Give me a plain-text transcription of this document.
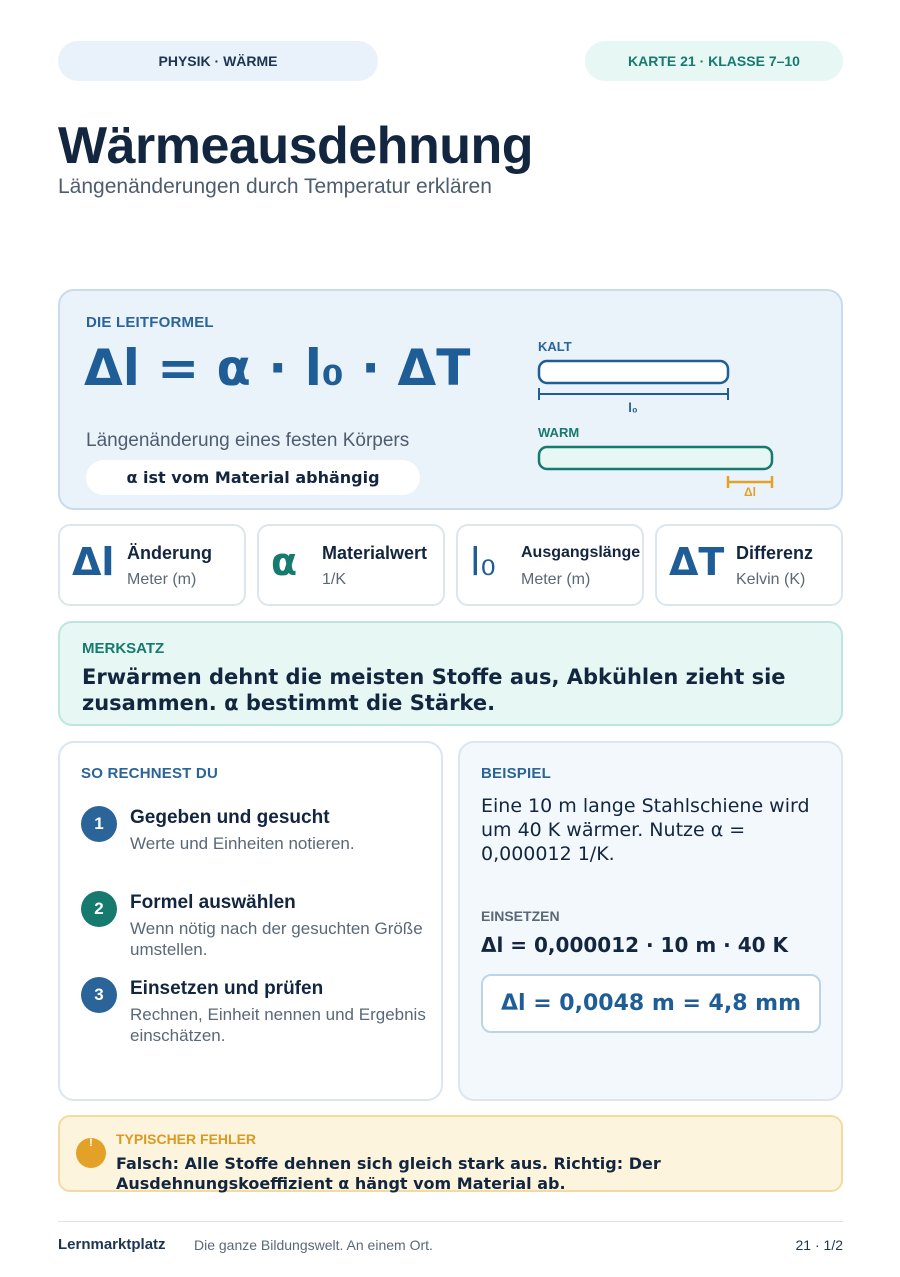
PHYSIK · WÄRME	KARTE 21 · KLASSE 7–10
Wärmeausdehnung
Längenänderungen durch Temperatur erklären
DIE LEITFORMEL
Δl = α · l₀ · ΔT
Längenänderung eines festen Körpers
α ist vom Material abhängig
KALT
l₀
WARM
Δl
Δl Änderung
Meter (m) α Materialwert
1/K	l₀ Ausgangslänge
Meter (m) ΔT Differenz
Kelvin (K)
MERKSATZ
Erwärmen dehnt die meisten Stoffe aus, Abkühlen zieht sie zusammen. α bestimmt die Stärke.
SO RECHNEST DU
1	Gegeben und gesucht
Werte und Einheiten notieren.
2	Formel auswählen
Wenn nötig nach der gesuchten Größe umstellen.
3	Einsetzen und prüfen
Rechnen, Einheit nennen und Ergebnis einschätzen.
BEISPIEL
Eine 10 m lange Stahlschiene wird um 40 K wärmer. Nutze α = 0,000012 1/K.
EINSETZEN
Δl = 0,000012 · 10 m · 40 K
Δl = 0,0048 m = 4,8 mm
!	TYPISCHER FEHLER
Falsch: Alle Stoffe dehnen sich gleich stark aus. Richtig: Der Ausdehnungskoeffizient α hängt vom Material ab.
Lernmarktplatz Die ganze Bildungswelt. An einem Ort.	21 · 1/2
